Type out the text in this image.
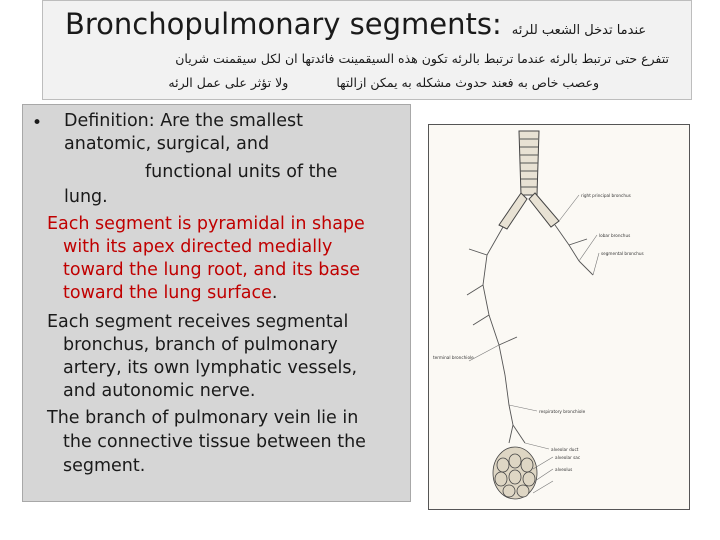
Bronchopulmonary segments: عندما تدخل الشعب للرئه
تتفرع حتى ترتبط بالرئه عندما ترتبط بالرئه تكون هذه السيقمينت فائدتها ان لكل سيقمنت شريان
وعصب خاص به فعند حدوث مشكله به يمكن ازالتهاولا تؤثر على عمل الرئه
• Definition: Are the smallest
anatomic, surgical, and
functional units of the
lung.
Each segment is pyramidal in shape
with its apex directed medially
toward the lung root, and its base
toward the lung surface.
Each segment receives segmental
bronchus, branch of pulmonary
artery, its own lymphatic vessels,
and autonomic nerve.
The branch of pulmonary vein lie in
the connective tissue between the
segment.
right principal bronchus
lobar bronchus
segmental bronchus
terminal bronchiole
respiratory bronchiole
alveolar duct
alveolar sac
alveolus
